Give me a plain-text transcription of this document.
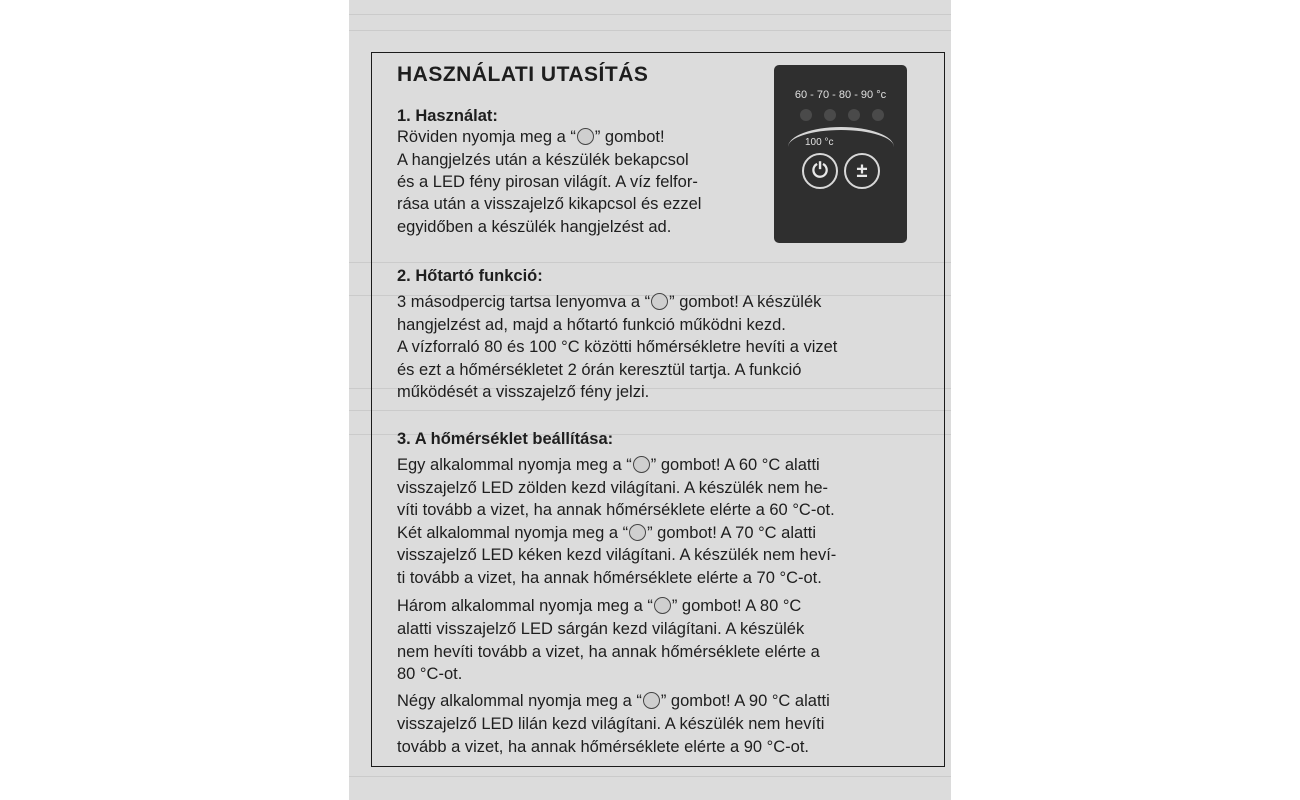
HASZNÁLATI UTASÍTÁS
60 - 70 - 80 - 90 °c
100 °c
⏻	±
1. Használat:
Röviden nyomja meg a “ ” gombot!
A hangjelzés után a készülék bekapcsol
és a LED fény pirosan világít. A víz felfor-
rása után a visszajelző kikapcsol és ezzel
egyidőben a készülék hangjelzést ad.
2. Hőtartó funkció:
3 másodpercig tartsa lenyomva a “ ” gombot! A készülék
hangjelzést ad, majd a hőtartó funkció működni kezd.
A vízforraló 80 és 100 °C közötti hőmérsékletre hevíti a vizet
és ezt a hőmérsékletet 2 órán keresztül tartja. A funkció
működését a visszajelző fény jelzi.
3. A hőmérséklet beállítása:
Egy alkalommal nyomja meg a “ ” gombot! A 60 °C alatti
visszajelző LED zölden kezd világítani. A készülék nem he-
víti tovább a vizet, ha annak hőmérséklete elérte a 60 °C-ot.
Két alkalommal nyomja meg a “ ” gombot! A 70 °C alatti
visszajelző LED kéken kezd világítani. A készülék nem heví-
ti tovább a vizet, ha annak hőmérséklete elérte a 70 °C-ot.
Három alkalommal nyomja meg a “ ” gombot! A 80 °C
alatti visszajelző LED sárgán kezd világítani. A készülék
nem hevíti tovább a vizet, ha annak hőmérséklete elérte a
80 °C-ot.
Négy alkalommal nyomja meg a “ ” gombot! A 90 °C alatti
visszajelző LED lilán kezd világítani. A készülék nem hevíti
tovább a vizet, ha annak hőmérséklete elérte a 90 °C-ot.
